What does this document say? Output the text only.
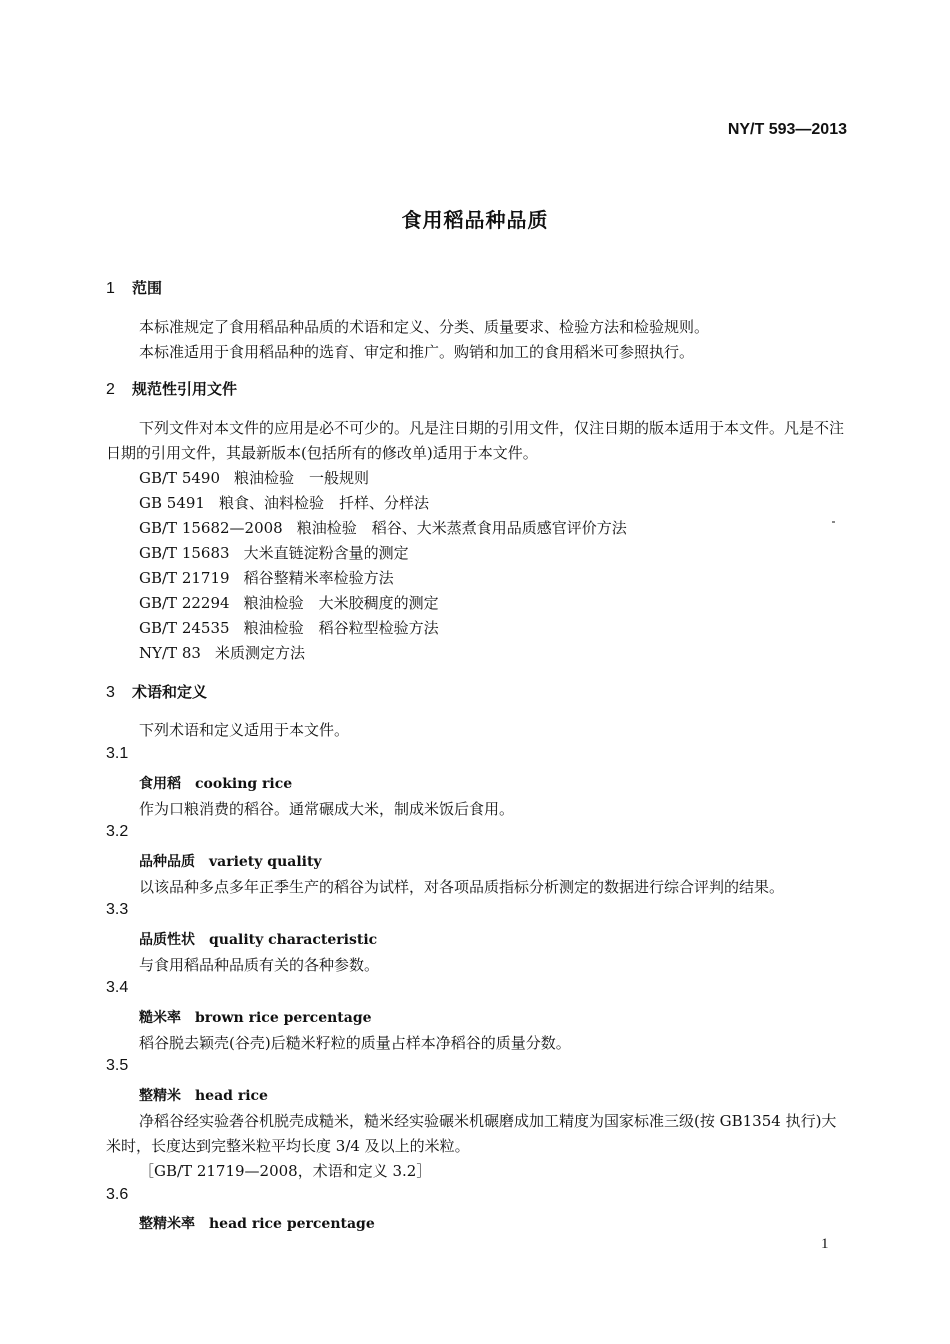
NY/T 593—2013
食用稻品种品质
1 范围
本标准规定了食用稻品种品质的术语和定义、分类、质量要求、检验方法和检验规则。
本标准适用于食用稻品种的选育、审定和推广。购销和加工的食用稻米可参照执行。
2 规范性引用文件
下列文件对本文件的应用是必不可少的。凡是注日期的引用文件，仅注日期的版本适用于本文件。凡是不注日期的引用文件，其最新版本(包括所有的修改单)适用于本文件。
GB/T 5490 粮油检验　一般规则
GB 5491 粮食、油料检验　扦样、分样法
GB/T 15682—2008 粮油检验　稻谷、大米蒸煮食用品质感官评价方法
GB/T 15683 大米直链淀粉含量的测定
GB/T 21719 稻谷整精米率检验方法
GB/T 22294 粮油检验　大米胶稠度的测定
GB/T 24535 粮油检验　稻谷粒型检验方法
NY/T 83 米质测定方法
3 术语和定义
下列术语和定义适用于本文件。
3.1
食用稻 cooking rice
作为口粮消费的稻谷。通常碾成大米，制成米饭后食用。
3.2
品种品质 variety quality
以该品种多点多年正季生产的稻谷为试样，对各项品质指标分析测定的数据进行综合评判的结果。
3.3
品质性状 quality characteristic
与食用稻品种品质有关的各种参数。
3.4
糙米率 brown rice percentage
稻谷脱去颖壳(谷壳)后糙米籽粒的质量占样本净稻谷的质量分数。
3.5
整精米 head rice
净稻谷经实验砻谷机脱壳成糙米，糙米经实验碾米机碾磨成加工精度为国家标准三级(按 GB1354 执行)大米时，长度达到完整米粒平均长度 3/4 及以上的米粒。
［GB/T 21719—2008，术语和定义 3.2］
3.6
整精米率 head rice percentage
1
